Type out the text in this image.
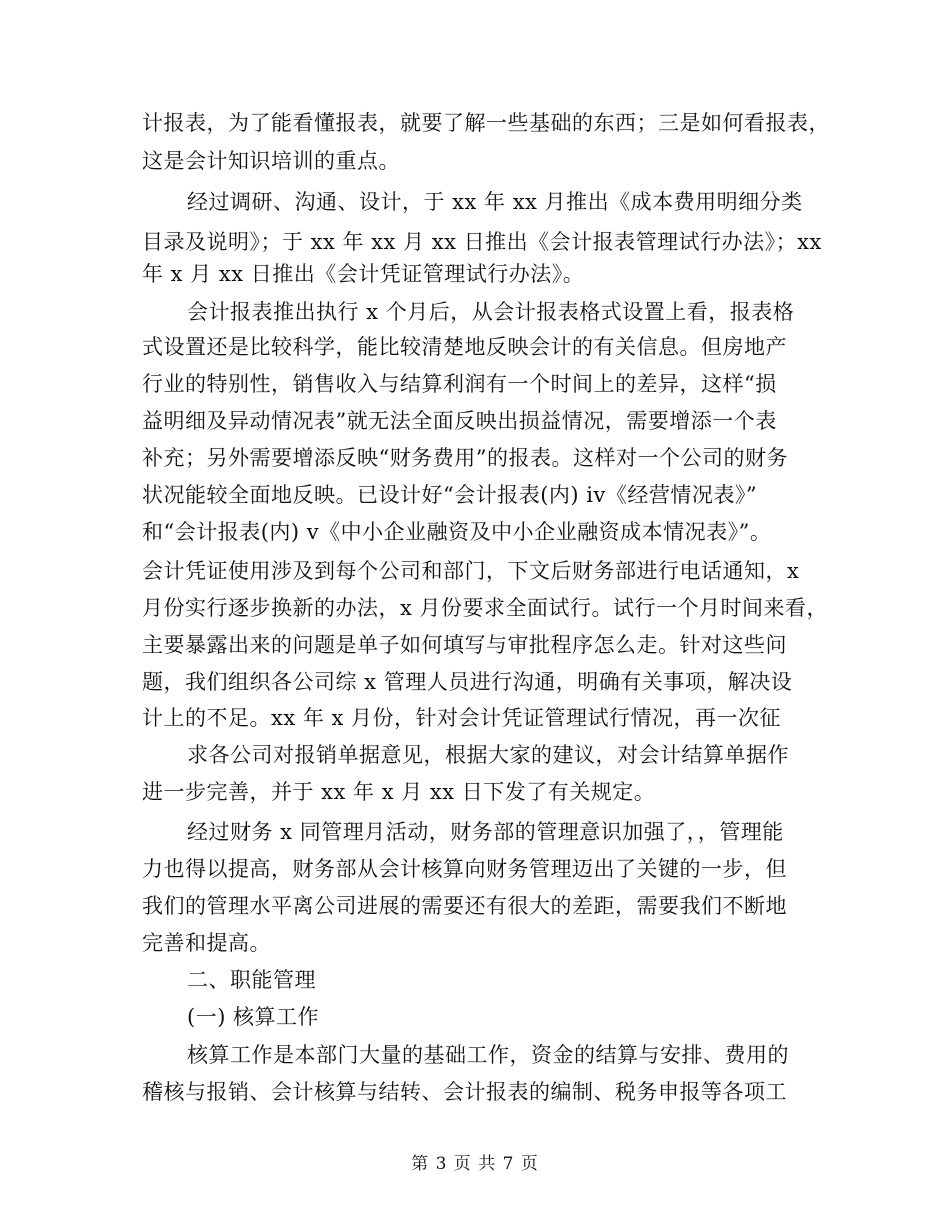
计报表，为了能看懂报表，就要了解一些基础的东西；三是如何看报表，
这是会计知识培训的重点。
经过调研、沟通、设计，于 xx 年 xx 月推出《成本费用明细分类
目录及说明》；于 xx 年 xx 月 xx 日推出《会计报表管理试行办法》；xx
年 x 月 xx 日推出《会计凭证管理试行办法》。
会计报表推出执行 x 个月后，从会计报表格式设置上看，报表格
式设置还是比较科学，能比较清楚地反映会计的有关信息。但房地产
行业的特别性，销售收入与结算利润有一个时间上的差异，这样“损
益明细及异动情况表”就无法全面反映出损益情况，需要增添一个表
补充；另外需要增添反映“财务费用”的报表。这样对一个公司的财务
状况能较全面地反映。已设计好“会计报表(内) iv《经营情况表》”
和“会计报表(内) v《中小企业融资及中小企业融资成本情况表》”。
会计凭证使用涉及到每个公司和部门，下文后财务部进行电话通知，x
月份实行逐步换新的办法，x 月份要求全面试行。试行一个月时间来看，
主要暴露出来的问题是单子如何填写与审批程序怎么走。针对这些问
题，我们组织各公司综 x 管理人员进行沟通，明确有关事项，解决设
计上的不足。xx 年 x 月份，针对会计凭证管理试行情况，再一次征
求各公司对报销单据意见，根据大家的建议，对会计结算单据作
进一步完善，并于 xx 年 x 月 xx 日下发了有关规定。
经过财务 x 同管理月活动，财务部的管理意识加强了，，管理能
力也得以提高，财务部从会计核算向财务管理迈出了关键的一步，但
我们的管理水平离公司进展的需要还有很大的差距，需要我们不断地
完善和提高。
二、职能管理
(一) 核算工作
核算工作是本部门大量的基础工作，资金的结算与安排、费用的
稽核与报销、会计核算与结转、会计报表的编制、税务申报等各项工
第 3 页 共 7 页
